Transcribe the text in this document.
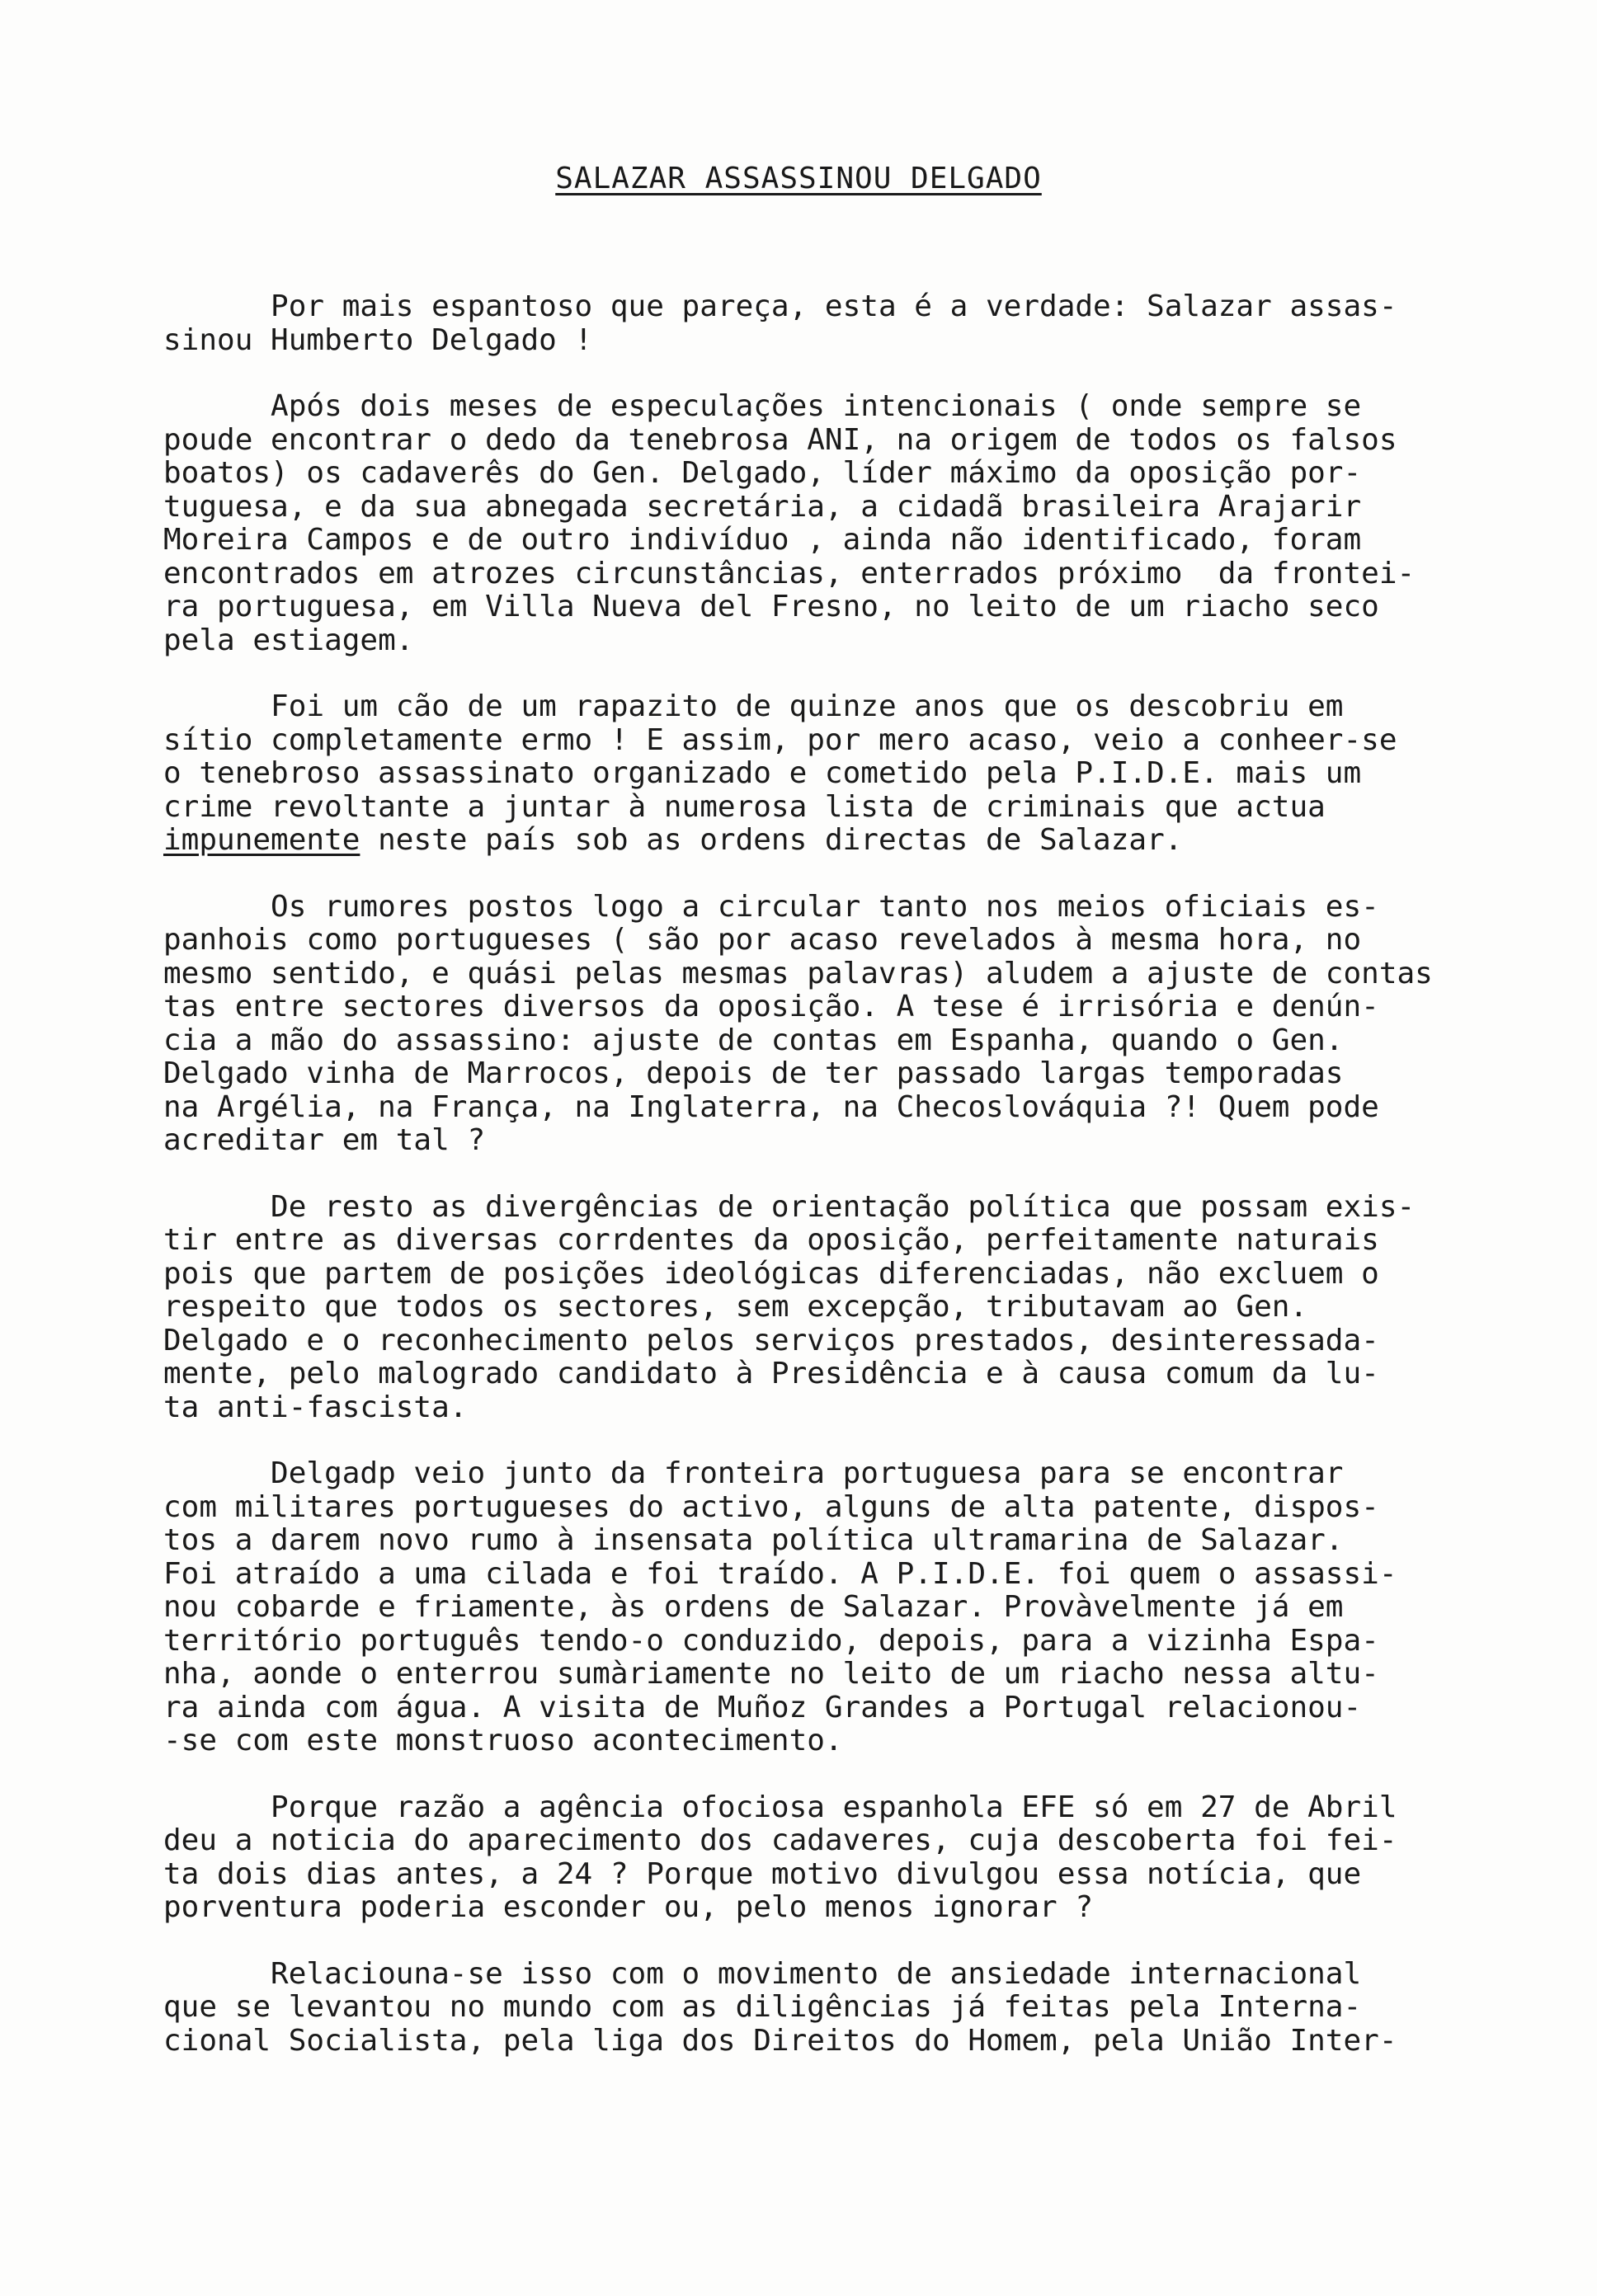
SALAZAR ASSASSINOU DELGADO
Por mais espantoso que pareça, esta é a verdade: Salazar assas-
sinou Humberto Delgado !
Após dois meses de especulações intencionais ( onde sempre se
poude encontrar o dedo da tenebrosa ANI, na origem de todos os falsos
boatos) os cadaverês do Gen. Delgado, líder máximo da oposição por-
tuguesa, e da sua abnegada secretária, a cidadã brasileira Arajarir
Moreira Campos e de outro indivíduo , ainda não identificado, foram
encontrados em atrozes circunstâncias, enterrados próximo  da frontei-
ra portuguesa, em Villa Nueva del Fresno, no leito de um riacho seco
pela estiagem.
Foi um cão de um rapazito de quinze anos que os descobriu em
sítio completamente ermo ! E assim, por mero acaso, veio a conheer-se
o tenebroso assassinato organizado e cometido pela P.I.D.E. mais um
crime revoltante a juntar à numerosa lista de criminais que actua
impunemente neste país sob as ordens directas de Salazar.
Os rumores postos logo a circular tanto nos meios oficiais es-
panhois como portugueses ( são por acaso revelados à mesma hora, no
mesmo sentido, e quási pelas mesmas palavras) aludem a ajuste de contas
tas entre sectores diversos da oposição. A tese é irrisória e denún-
cia a mão do assassino: ajuste de contas em Espanha, quando o Gen.
Delgado vinha de Marrocos, depois de ter passado largas temporadas
na Argélia, na França, na Inglaterra, na Checoslováquia ?! Quem pode
acreditar em tal ?
De resto as divergências de orientação política que possam exis-
tir entre as diversas corrdentes da oposição, perfeitamente naturais
pois que partem de posições ideológicas diferenciadas, não excluem o
respeito que todos os sectores, sem excepção, tributavam ao Gen.
Delgado e o reconhecimento pelos serviços prestados, desinteressada-
mente, pelo malogrado candidato à Presidência e à causa comum da lu-
ta anti-fascista.
Delgadp veio junto da fronteira portuguesa para se encontrar
com militares portugueses do activo, alguns de alta patente, dispos-
tos a darem novo rumo à insensata política ultramarina de Salazar.
Foi atraído a uma cilada e foi traído. A P.I.D.E. foi quem o assassi-
nou cobarde e friamente, às ordens de Salazar. Provàvelmente já em
território português tendo-o conduzido, depois, para a vizinha Espa-
nha, aonde o enterrou sumàriamente no leito de um riacho nessa altu-
ra ainda com água. A visita de Muñoz Grandes a Portugal relacionou-
-se com este monstruoso acontecimento.
Porque razão a agência ofociosa espanhola EFE só em 27 de Abril
deu a noticia do aparecimento dos cadaveres, cuja descoberta foi fei-
ta dois dias antes, a 24 ? Porque motivo divulgou essa notícia, que
porventura poderia esconder ou, pelo menos ignorar ?
Relaciouna-se isso com o movimento de ansiedade internacional
que se levantou no mundo com as diligências já feitas pela Interna-
cional Socialista, pela liga dos Direitos do Homem, pela União Inter-
